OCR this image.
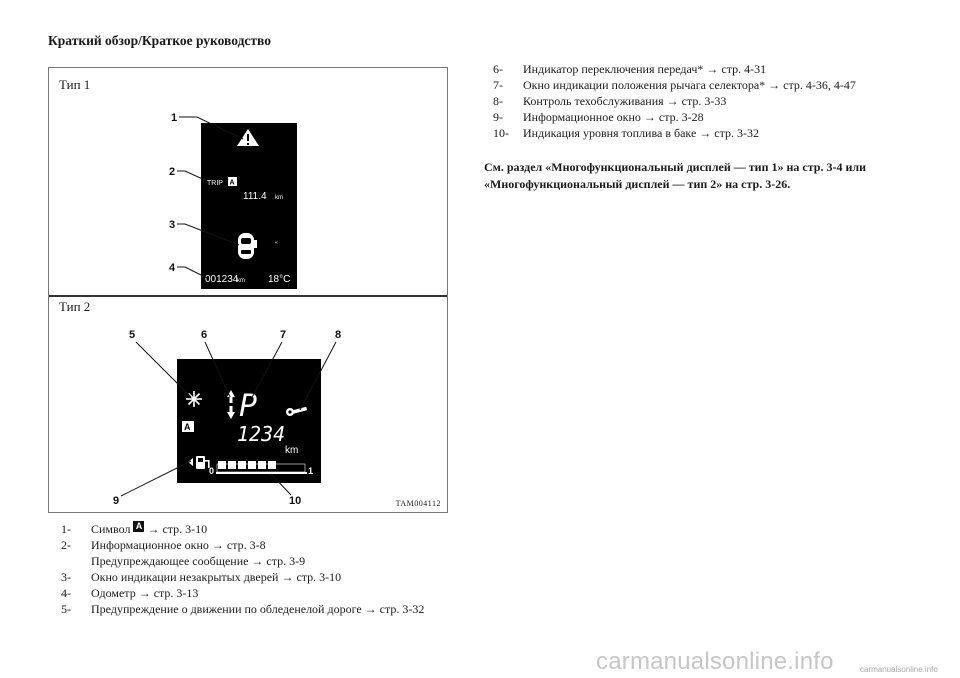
Краткий обзор/Краткое руководство
Тип 1
Тип 2
TAM004112
TRIP A
111.4 km
«
001234
km 18°C
1
2
3
4
A
P
1234
km
0	1
5	6	7	8
9	10
1-	Символ A → стр. 3-10
2-	Информационное окно → стр. 3-8
Предупреждающее сообщение → стр. 3-9
3-	Окно индикации незакрытых дверей → стр. 3-10
4-	Одометр → стр. 3-13
5-	Предупреждение о движении по обледенелой дороге → стр. 3-32
6-	Индикатор переключения передач* → стр. 4-31
7-	Окно индикации положения рычага селектора* → стр. 4-36, 4-47
8-	Контроль техобслуживания → стр. 3-33
9-	Информационное окно → стр. 3-28
10-	Индикация уровня топлива в баке → стр. 3-32
См. раздел «Многофункциональный дисплей — тип 1» на стр. 3-4 или
«Многофункциональный дисплей — тип 2» на стр. 3-26.
carmanualsonline.info	carmanualsonline.info
